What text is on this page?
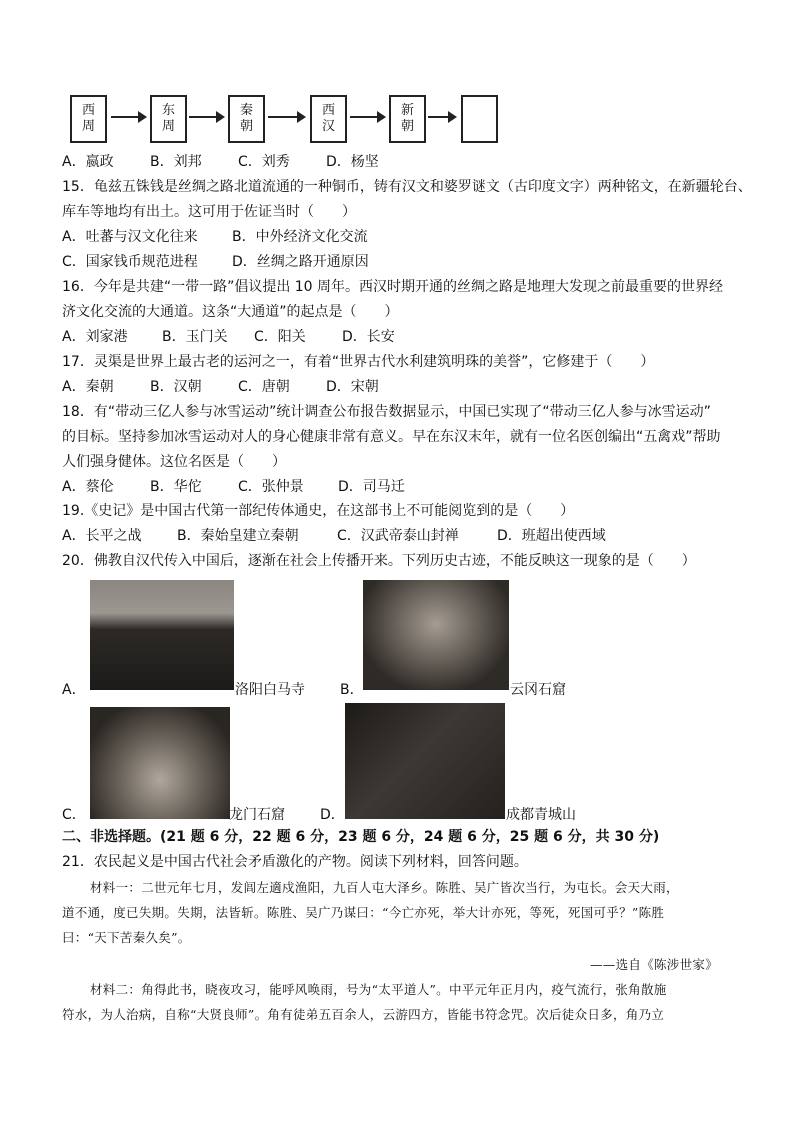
西
周
东
周
秦
朝
西
汉
新
朝
A．嬴政	B．刘邦	C．刘秀	D．杨坚
15．龟兹五铢钱是丝绸之路北道流通的一种铜币，铸有汉文和婆罗谜文（古印度文字）两种铭文，在新疆轮台、
库车等地均有出土。这可用于佐证当时（　　）
A．吐蕃与汉文化往来 B．中外经济文化交流
C．国家钱币规范进程 D．丝绸之路开通原因
16．今年是共建“一带一路”倡议提出 10 周年。西汉时期开通的丝绸之路是地理大发现之前最重要的世界经
济文化交流的大通道。这条“大通道”的起点是（　　）
A．刘家港 B．玉门关 C．阳关	D．长安
17．灵渠是世界上最古老的运河之一，有着“世界古代水利建筑明珠的美誉”，它修建于（　　）
A．秦朝	B．汉朝	C．唐朝	D．宋朝
18．有“带动三亿人参与冰雪运动”统计调查公布报告数据显示，中国已实现了“带动三亿人参与冰雪运动”
的目标。坚持参加冰雪运动对人的身心健康非常有意义。早在东汉末年，就有一位名医创编出“五禽戏”帮助
人们强身健体。这位名医是（　　）
A．蔡伦	B．华佗	C．张仲景 D．司马迁
19.《史记》是中国古代第一部纪传体通史，在这部书上不可能阅览到的是（　　）
A．长平之战	B．秦始皇建立秦朝	C．汉武帝泰山封禅	D．班超出使西域
20．佛教自汉代传入中国后，逐渐在社会上传播开来。下列历史古迹，不能反映这一现象的是（　　）
A．	洛阳白马寺	B．	云冈石窟
C．	龙门石窟	D．	成都青城山
二、非选择题。(21 题 6 分，22 题 6 分，23 题 6 分，24 题 6 分，25 题 6 分，共 30 分)
21．农民起义是中国古代社会矛盾激化的产物。阅读下列材料，回答问题。
材料一：二世元年七月，发闾左適戍渔阳，九百人屯大泽乡。陈胜、吴广皆次当行，为屯长。会天大雨，
道不通，度已失期。失期，法皆斩。陈胜、吴广乃谋曰：“今亡亦死，举大计亦死，等死，死国可乎？”陈胜
曰：“天下苦秦久矣”。
——选自《陈涉世家》
材料二：角得此书，晓夜攻习，能呼风唤雨，号为“太平道人”。中平元年正月内，疫气流行，张角散施
符水，为人治病，自称“大贤良师”。角有徒弟五百余人，云游四方，皆能书符念咒。次后徒众日多，角乃立
